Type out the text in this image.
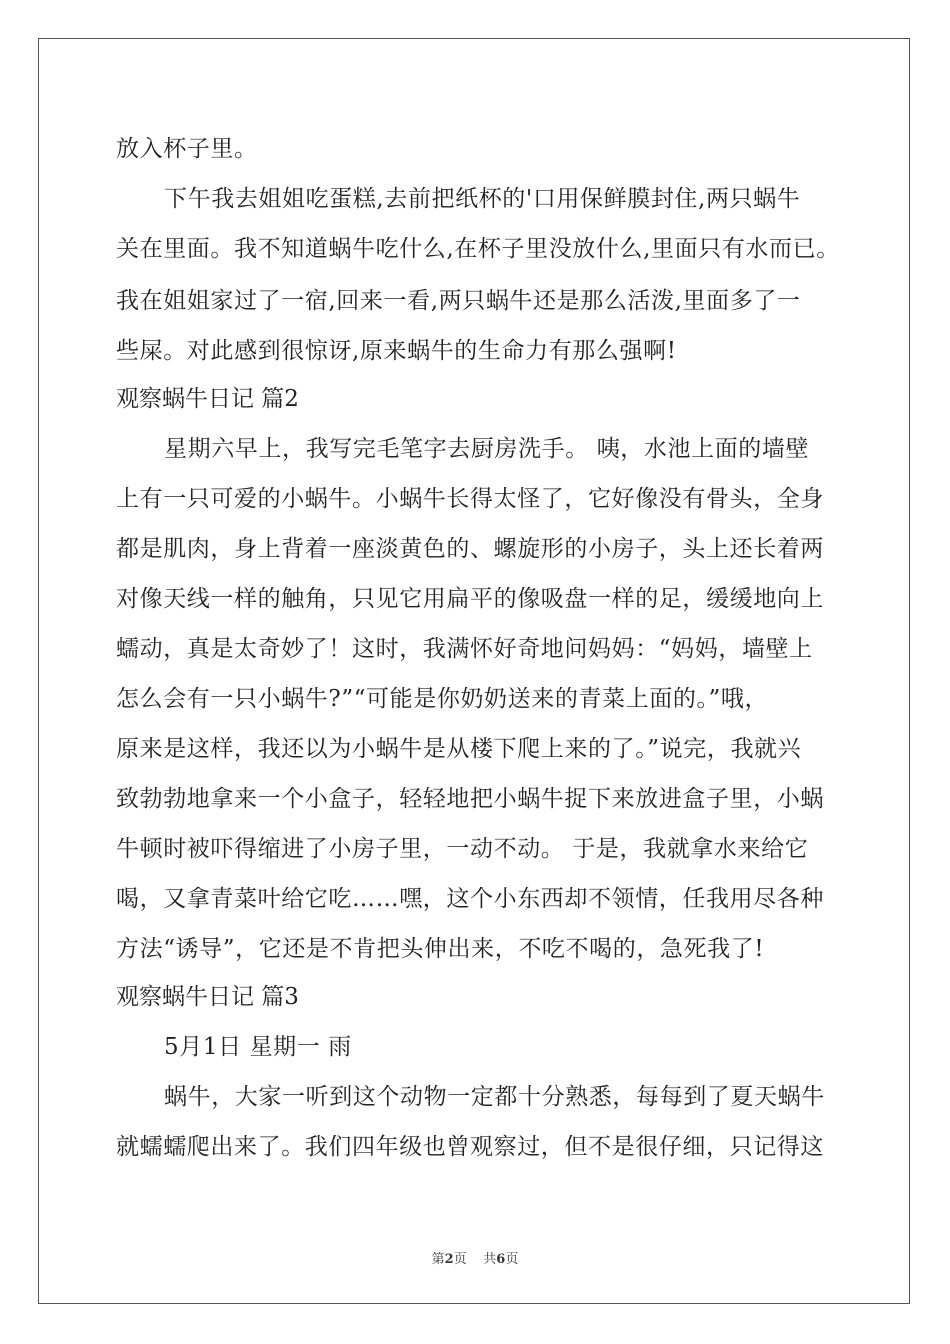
放入杯子里。
下午我去姐姐吃蛋糕,去前把纸杯的'口用保鲜膜封住,两只蜗牛
关在里面。我不知道蜗牛吃什么,在杯子里没放什么,里面只有水而已。
我在姐姐家过了一宿,回来一看,两只蜗牛还是那么活泼,里面多了一
些屎。对此感到很惊讶,原来蜗牛的生命力有那么强啊!
观察蜗牛日记 篇2
星期六早上，我写完毛笔字去厨房洗手。 咦，水池上面的墙壁
上有一只可爱的小蜗牛。小蜗牛长得太怪了，它好像没有骨头，全身
都是肌肉，身上背着一座淡黄色的、螺旋形的小房子，头上还长着两
对像天线一样的触角，只见它用扁平的像吸盘一样的足，缓缓地向上
蠕动，真是太奇妙了！这时，我满怀好奇地问妈妈：“妈妈，墙壁上
怎么会有一只小蜗牛?”“可能是你奶奶送来的青菜上面的。”哦，
原来是这样，我还以为小蜗牛是从楼下爬上来的了。”说完，我就兴
致勃勃地拿来一个小盒子，轻轻地把小蜗牛捉下来放进盒子里，小蜗
牛顿时被吓得缩进了小房子里，一动不动。 于是，我就拿水来给它
喝，又拿青菜叶给它吃……嘿，这个小东西却不领情，任我用尽各种
方法“诱导”，它还是不肯把头伸出来，不吃不喝的，急死我了!
观察蜗牛日记 篇3
5月1日 星期一 雨
蜗牛，大家一听到这个动物一定都十分熟悉，每每到了夏天蜗牛
就蠕蠕爬出来了。我们四年级也曾观察过，但不是很仔细，只记得这
第2页 共6页
